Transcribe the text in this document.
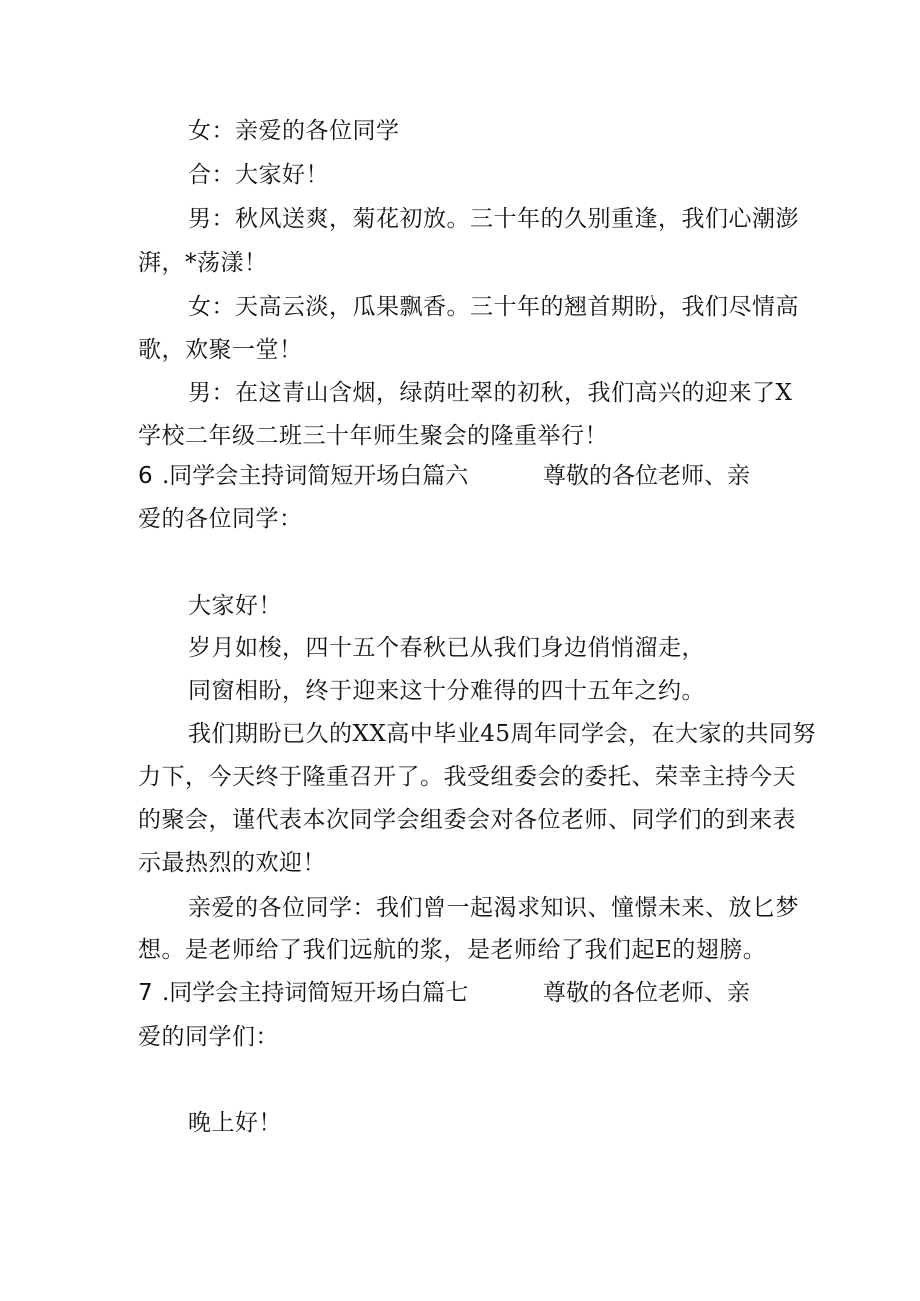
女：亲爱的各位同学
合：大家好！
男：秋风送爽，菊花初放。三十年的久别重逢，我们心潮澎
湃，*荡漾！
女：天高云淡，瓜果飘香。三十年的翘首期盼，我们尽情高
歌，欢聚一堂！
男：在这青山含烟，绿荫吐翠的初秋，我们高兴的迎来了X
学校二年级二班三十年师生聚会的隆重举行！
6 .同学会主持词简短开场白篇六	尊敬的各位老师、亲
爱的各位同学：
大家好！
岁月如梭，四十五个春秋已从我们身边俏悄溜走，
同窗相盼，终于迎来这十分难得的四十五年之约。
我们期盼已久的XX高中毕业45周年同学会，在大家的共同努
力下，今天终于隆重召开了。我受组委会的委托、荣幸主持今天
的聚会，谨代表本次同学会组委会对各位老师、同学们的到来表
示最热烈的欢迎！
亲爱的各位同学：我们曾一起渴求知识、憧憬未来、放匕梦
想。是老师给了我们远航的浆，是老师给了我们起E的翅膀。
7 .同学会主持词简短开场白篇七	尊敬的各位老师、亲
爱的同学们：
晚上好！
